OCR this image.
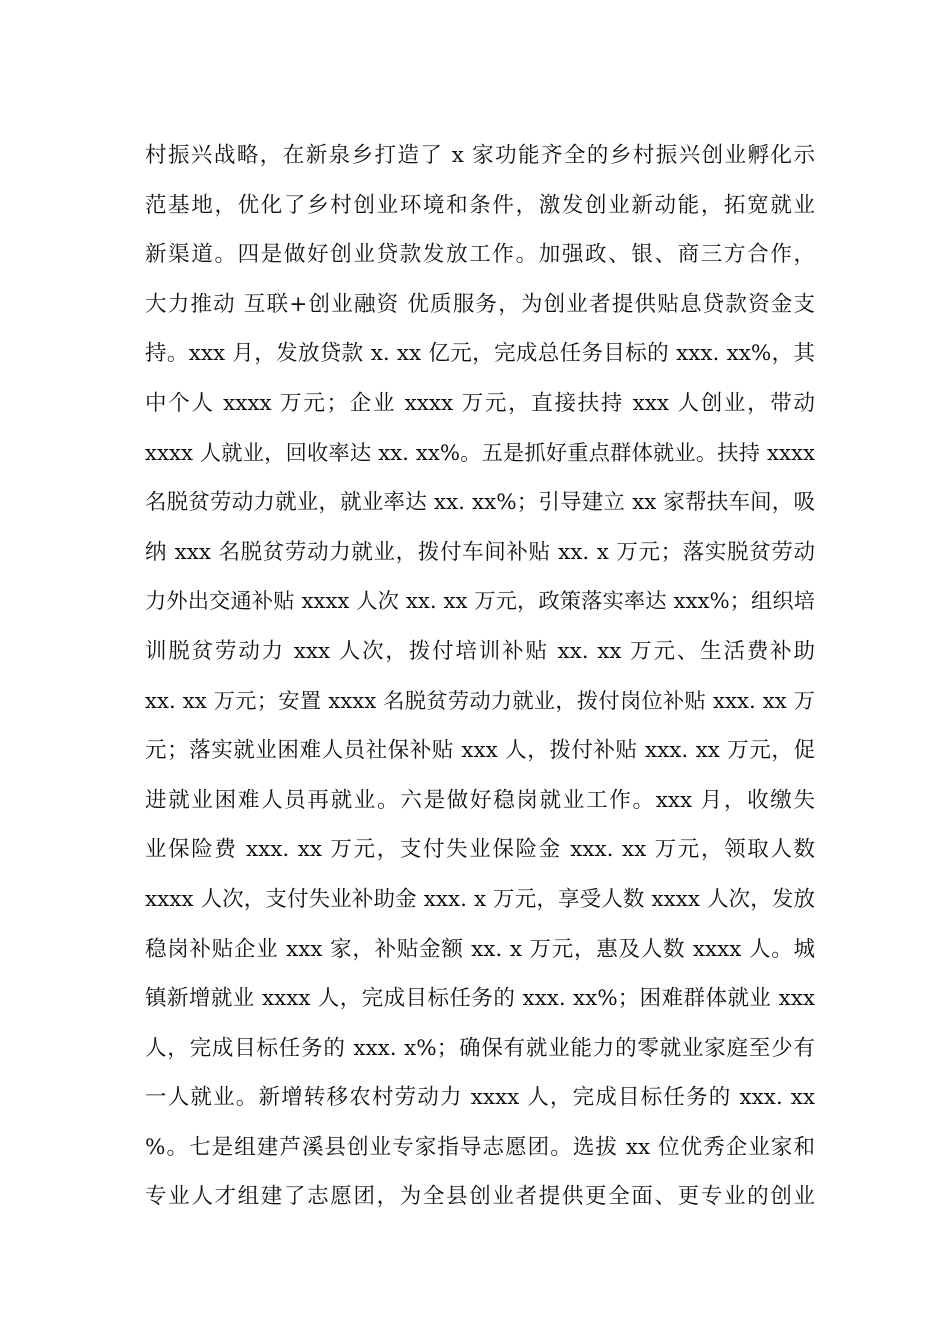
村振兴战略，在新泉乡打造了 x 家功能齐全的乡村振兴创业孵化示
范基地，优化了乡村创业环境和条件，激发创业新动能，拓宽就业
新渠道。四是做好创业贷款发放工作。加强政、银、商三方合作，
大力推动 互联+创业融资 优质服务，为创业者提供贴息贷款资金支
持。xxx 月，发放贷款 x. xx 亿元，完成总任务目标的 xxx. xx%，其
中个人 xxxx 万元；企业 xxxx 万元，直接扶持 xxx 人创业，带动
xxxx 人就业，回收率达 xx. xx%。五是抓好重点群体就业。扶持 xxxx
名脱贫劳动力就业，就业率达 xx. xx%；引导建立 xx 家帮扶车间，吸
纳 xxx 名脱贫劳动力就业，拨付车间补贴 xx. x 万元；落实脱贫劳动
力外出交通补贴 xxxx 人次 xx. xx 万元，政策落实率达 xxx%；组织培
训脱贫劳动力 xxx 人次，拨付培训补贴 xx. xx 万元、生活费补助
xx. xx 万元；安置 xxxx 名脱贫劳动力就业，拨付岗位补贴 xxx. xx 万
元；落实就业困难人员社保补贴 xxx 人，拨付补贴 xxx. xx 万元，促
进就业困难人员再就业。六是做好稳岗就业工作。xxx 月，收缴失
业保险费 xxx. xx 万元，支付失业保险金 xxx. xx 万元，领取人数
xxxx 人次，支付失业补助金 xxx. x 万元，享受人数 xxxx 人次，发放
稳岗补贴企业 xxx 家，补贴金额 xx. x 万元，惠及人数 xxxx 人。城
镇新增就业 xxxx 人，完成目标任务的 xxx. xx%；困难群体就业 xxx
人，完成目标任务的 xxx. x%；确保有就业能力的零就业家庭至少有
一人就业。新增转移农村劳动力 xxxx 人，完成目标任务的 xxx. xx
%。七是组建芦溪县创业专家指导志愿团。选拔 xx 位优秀企业家和
专业人才组建了志愿团，为全县创业者提供更全面、更专业的创业
